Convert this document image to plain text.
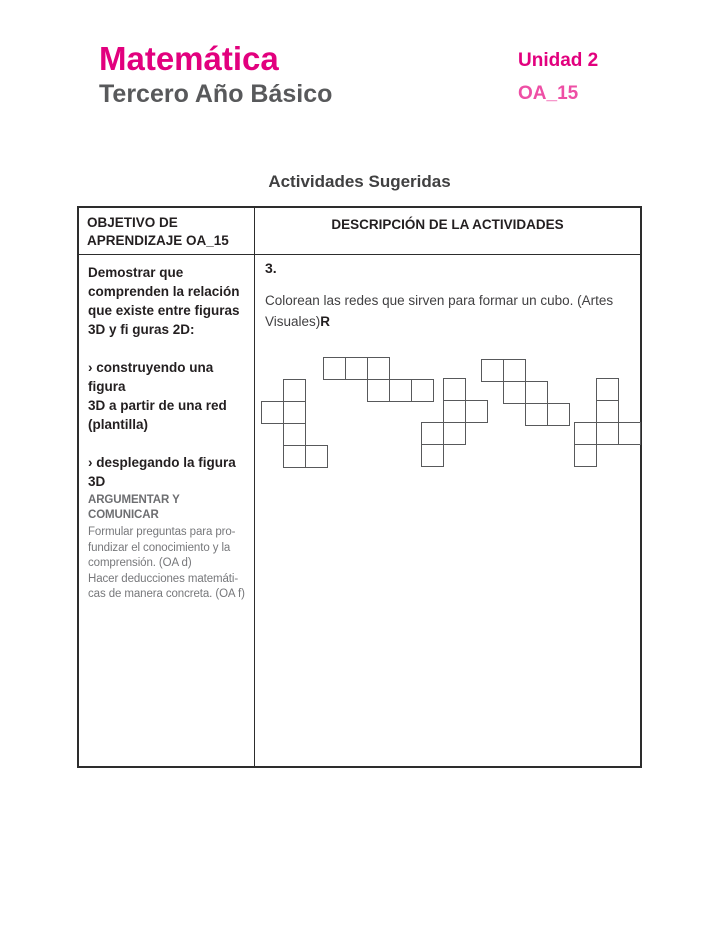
Matemática
Tercero Año Básico
Unidad 2
OA_15
Actividades Sugeridas
OBJETIVO DE APRENDIZAJE OA_15
DESCRIPCIÓN DE LA ACTIVIDADES
Demostrar que
comprenden la relación
que existe entre figuras
3D y fi guras 2D:
› construyendo una figura
3D a partir de una red
(plantilla)
› desplegando la figura 3D
ARGUMENTAR Y COMUNICAR
Formular preguntas para pro-
fundizar el conocimiento y la
comprensión. (OA d)
Hacer deducciones matemáti-
cas de manera concreta. (OA f)
3.
Colorean las redes que sirven para formar un cubo. (Artes
Visuales)R
